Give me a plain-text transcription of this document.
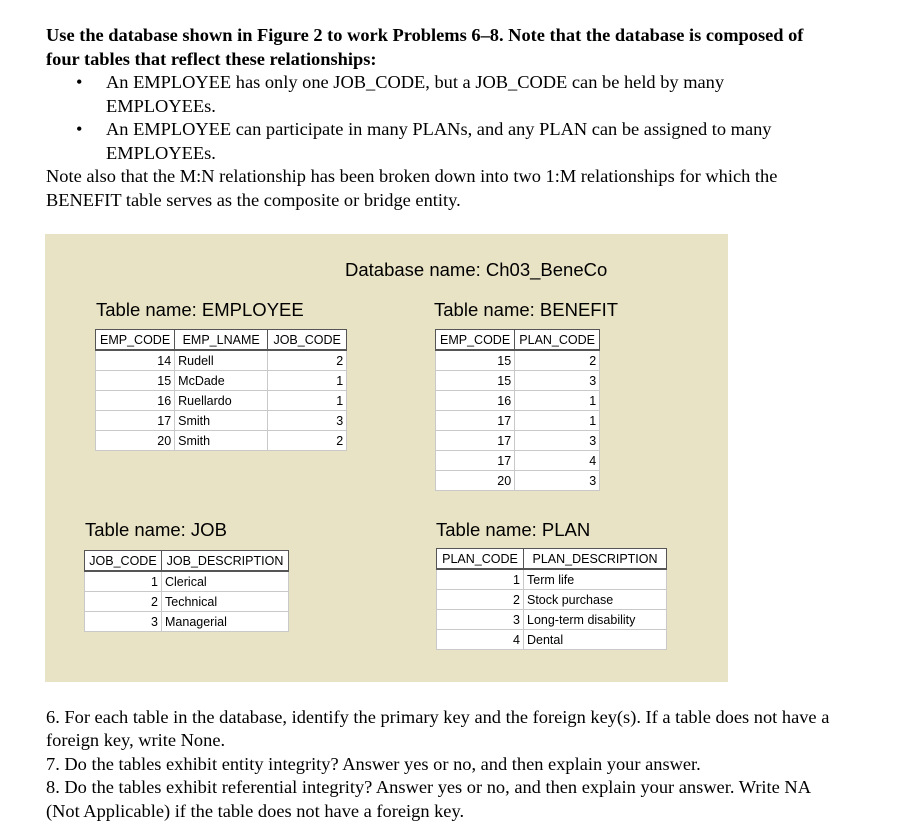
Use the database shown in Figure 2 to work Problems 6–8. Note that the database is composed of four tables that reflect these relationships:

• An EMPLOYEE has only one JOB_CODE, but a JOB_CODE can be held by many EMPLOYEEs.
• An EMPLOYEE can participate in many PLANs, and any PLAN can be assigned to many EMPLOYEEs.

Note also that the M:N relationship has been broken down into two 1:M relationships for which the BENEFIT table serves as the composite or bridge entity.

Database name: Ch03_BeneCo
Table name: EMPLOYEE
EMP_CODE	EMP_LNAME	JOB_CODE
14	Rudell	2
15	McDade	1
16	Ruellardo	1
17	Smith	3
20	Smith	2
Table name: BENEFIT
EMP_CODE	PLAN_CODE
15	2
15	3
16	1
17	1
17	3
17	4
20	3
Table name: JOB
JOB_CODE	JOB_DESCRIPTION
1	Clerical
2	Technical
3	Managerial
Table name: PLAN
PLAN_CODE	PLAN_DESCRIPTION
1	Term life
2	Stock purchase
3	Long-term disability
4	Dental

6. For each table in the database, identify the primary key and the foreign key(s). If a table does not have a foreign key, write None.

7. Do the tables exhibit entity integrity? Answer yes or no, and then explain your answer.

8. Do the tables exhibit referential integrity? Answer yes or no, and then explain your answer. Write NA (Not Applicable) if the table does not have a foreign key.
